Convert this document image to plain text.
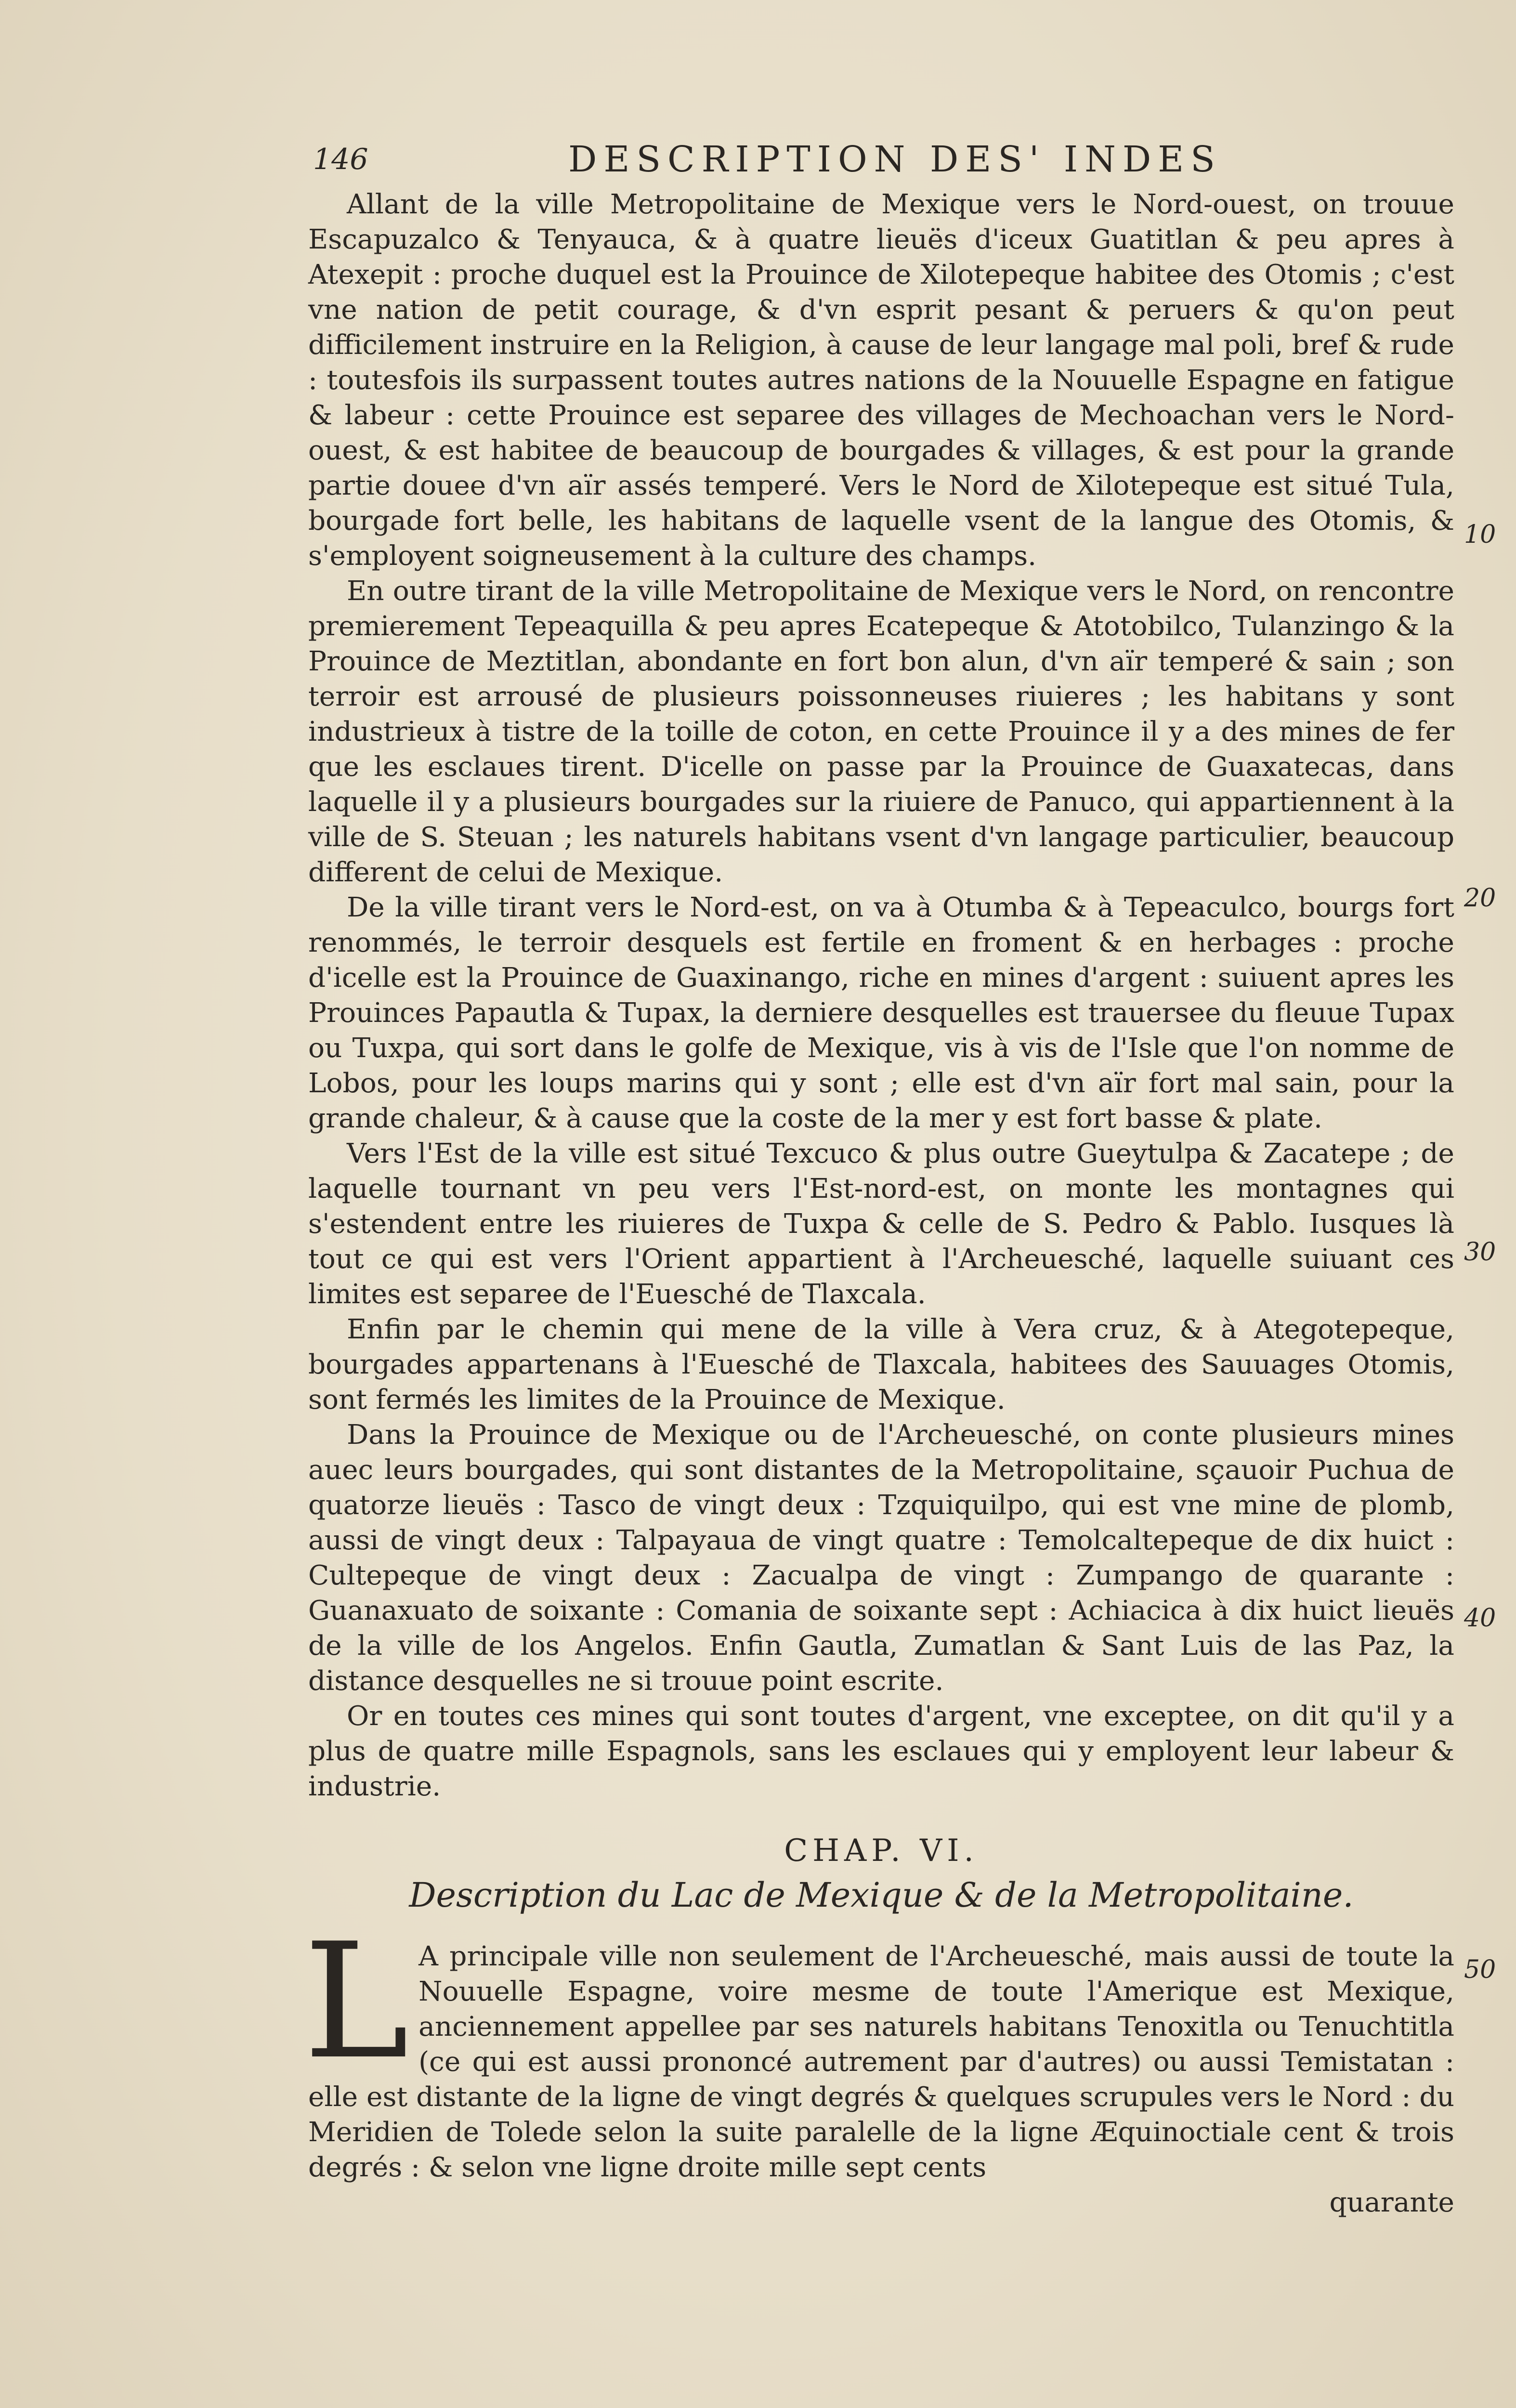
146	DESCRIPTION DES' INDES

Allant de la ville Metropolitaine de Mexique vers le Nord-ouest, on trouue Escapuzalco & Tenyauca, & à quatre lieuës d'iceux Guatitlan & peu apres à Atexepit : proche duquel est la Prouince de Xilotepeque habitee des Otomis ; c'est vne nation de petit courage, & d'vn esprit pesant & peruers & qu'on peut difficilement instruire en la Religion, à cause de leur langage mal poli, bref & rude : toutesfois ils surpassent toutes autres nations de la Nouuelle Espagne en fatigue & labeur : cette Prouince est separee des villages de Mechoachan vers le Nord-ouest, & est habitee de beaucoup de bourgades & villages, & est pour la grande partie douee d'vn aïr assés temperé. Vers le Nord de Xilotepeque est situé Tula, bourgade fort belle, les habitans de laquelle vsent de la langue des Otomis, & s'employent soigneusement à la culture des champs.

En outre tirant de la ville Metropolitaine de Mexique vers le Nord, on rencontre premierement Tepeaquilla & peu apres Ecatepeque & Atotobilco, Tulanzingo & la Prouince de Meztitlan, abondante en fort bon alun, d'vn aïr temperé & sain ; son terroir est arrousé de plusieurs poissonneuses riuieres ; les habitans y sont industrieux à tistre de la toille de coton, en cette Prouince il y a des mines de fer que les esclaues tirent. D'icelle on passe par la Prouince de Guaxatecas, dans laquelle il y a plusieurs bourgades sur la riuiere de Panuco, qui appartiennent à la ville de S. Steuan ; les naturels habitans vsent d'vn langage particulier, beaucoup different de celui de Mexique.

De la ville tirant vers le Nord-est, on va à Otumba & à Tepeaculco, bourgs fort renommés, le terroir desquels est fertile en froment & en herbages : proche d'icelle est la Prouince de Guaxinango, riche en mines d'argent : suiuent apres les Prouinces Papautla & Tupax, la derniere desquelles est trauersee du fleuue Tupax ou Tuxpa, qui sort dans le golfe de Mexique, vis à vis de l'Isle que l'on nomme de Lobos, pour les loups marins qui y sont ; elle est d'vn aïr fort mal sain, pour la grande chaleur, & à cause que la coste de la mer y est fort basse & plate.

Vers l'Est de la ville est situé Texcuco & plus outre Gueytulpa & Zacatepe ; de laquelle tournant vn peu vers l'Est-nord-est, on monte les montagnes qui s'estendent entre les riuieres de Tuxpa & celle de S. Pedro & Pablo. Iusques là tout ce qui est vers l'Orient appartient à l'Archeuesché, laquelle suiuant ces limites est separee de l'Euesché de Tlaxcala.

Enfin par le chemin qui mene de la ville à Vera cruz, & à Ategotepeque, bourgades appartenans à l'Euesché de Tlaxcala, habitees des Sauuages Otomis, sont fermés les limites de la Prouince de Mexique.

Dans la Prouince de Mexique ou de l'Archeuesché, on conte plusieurs mines auec leurs bourgades, qui sont distantes de la Metropolitaine, sçauoir Puchua de quatorze lieuës : Tasco de vingt deux : Tzquiquilpo, qui est vne mine de plomb, aussi de vingt deux : Talpayaua de vingt quatre : Temolcaltepeque de dix huict : Cultepeque de vingt deux : Zacualpa de vingt : Zumpango de quarante : Guanaxuato de soixante : Comania de soixante sept : Achiacica à dix huict lieuës de la ville de los Angelos. Enfin Gautla, Zumatlan & Sant Luis de las Paz, la distance desquelles ne si trouue point escrite.

Or en toutes ces mines qui sont toutes d'argent, vne exceptee, on dit qu'il y a plus de quatre mille Espagnols, sans les esclaues qui y employent leur labeur & industrie.

CHAP. VI.
Description du Lac de Mexique & de la Metropolitaine.

L A principale ville non seulement de l'Archeuesché, mais aussi de toute la Nouuelle Espagne, voire mesme de toute l'Amerique est Mexique, anciennement appellee par ses naturels habitans Tenoxitla ou Tenuchtitla (ce qui est aussi prononcé autrement par d'autres) ou aussi Temistatan : elle est distante de la ligne de vingt degrés & quelques scrupules vers le Nord : du Meridien de Tolede selon la suite paralelle de la ligne Æquinoctiale cent & trois degrés : & selon vne ligne droite mille sept cents

quarante
10
20
30
40
50
